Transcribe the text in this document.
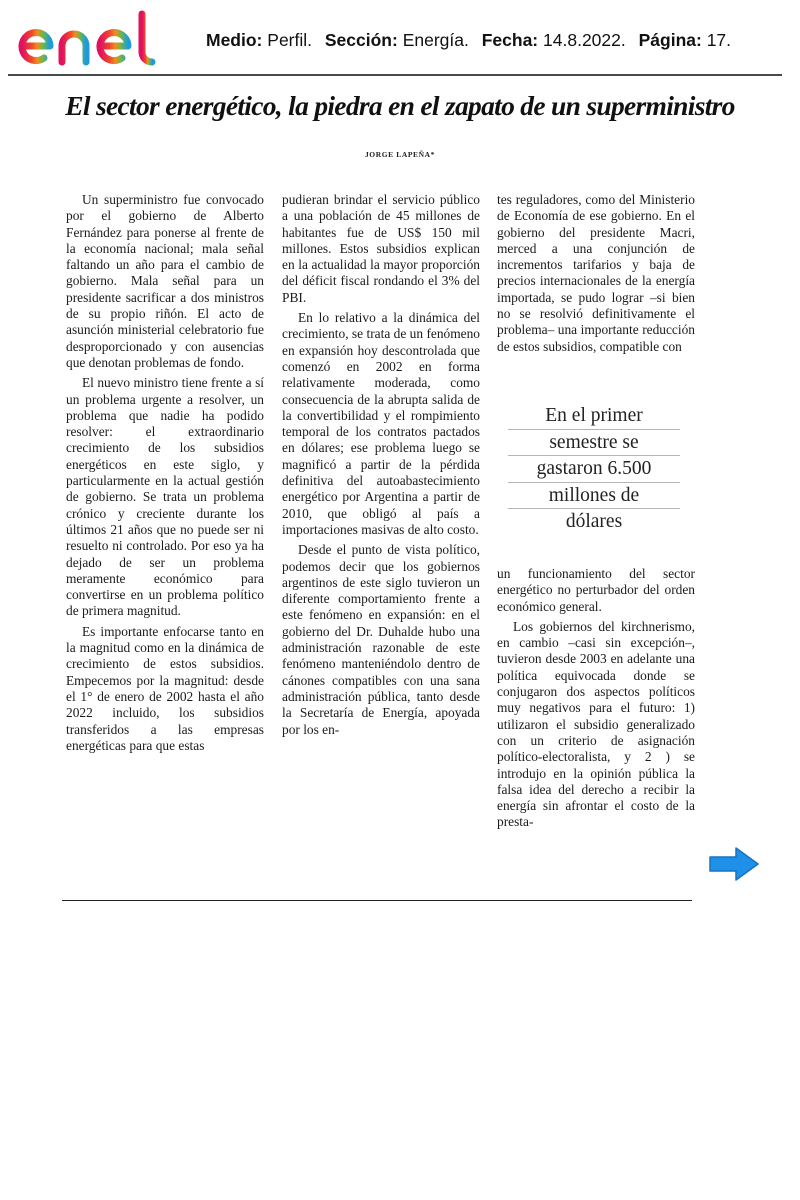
Medio: Perfil. Sección: Energía. Fecha: 14.8.2022. Página: 17.
El sector energético, la piedra en el zapato de un superministro
JORGE LAPEÑA*

Un superministro fue convocado por el gobierno de Alberto Fernández para ponerse al frente de la economía nacional; mala señal faltando un año para el cambio de gobierno. Mala señal para un presidente sacrificar a dos ministros de su propio riñón. El acto de asunción ministerial celebratorio fue desproporcionado y con ausencias que denotan problemas de fondo.

El nuevo ministro tiene frente a sí un problema urgente a resolver, un problema que nadie ha podido resolver: el extraordinario crecimiento de los subsidios energéticos en este siglo, y particularmente en la actual gestión de gobierno. Se trata un problema crónico y creciente durante los últimos 21 años que no puede ser ni resuelto ni controlado. Por eso ya ha dejado de ser un problema meramente económico para convertirse en un problema político de primera magnitud.

Es importante enfocarse tanto en la magnitud como en la dinámica de crecimiento de estos subsidios. Empecemos por la magnitud: desde el 1° de enero de 2002 hasta el año 2022 incluido, los subsidios transferidos a las empresas energéticas para que estas

pudieran brindar el servicio público a una población de 45 millones de habitantes fue de US$ 150 mil millones. Estos subsidios explican en la actualidad la mayor proporción del déficit fiscal rondando el 3% del PBI.

En lo relativo a la dinámica del crecimiento, se trata de un fenómeno en expansión hoy descontrolada que comenzó en 2002 en forma relativamente moderada, como consecuencia de la abrupta salida de la convertibilidad y el rompimiento temporal de los contratos pactados en dólares; ese problema luego se magnificó a partir de la pérdida definitiva del autoabastecimiento energético por Argentina a partir de 2010, que obligó al país a importaciones masivas de alto costo.

Desde el punto de vista político, podemos decir que los gobiernos argentinos de este siglo tuvieron un diferente comportamiento frente a este fenómeno en expansión: en el gobierno del Dr. Duhalde hubo una administración razonable de este fenómeno manteniéndolo dentro de cánones compatibles con una sana administración pública, tanto desde la Secretaría de Energía, apoyada por los en-

tes reguladores, como del Ministerio de Economía de ese gobierno. En el gobierno del presidente Macri, merced a una conjunción de incrementos tarifarios y baja de precios internacionales de la energía importada, se pudo lograr –si bien no se resolvió definitivamente el problema– una importante reducción de estos subsidios, compatible con

En el primer
semestre se
gastaron 6.500
millones de
dólares

un funcionamiento del sector energético no perturbador del orden económico general.

Los gobiernos del kirchnerismo, en cambio –casi sin excepción–, tuvieron desde 2003 en adelante una política equivocada donde se conjugaron dos aspectos políticos muy negativos para el futuro: 1) utilizaron el subsidio generalizado con un criterio de asignación político-electoralista, y 2 ) se introdujo en la opinión pública la falsa idea del derecho a recibir la energía sin afrontar el costo de la presta-
